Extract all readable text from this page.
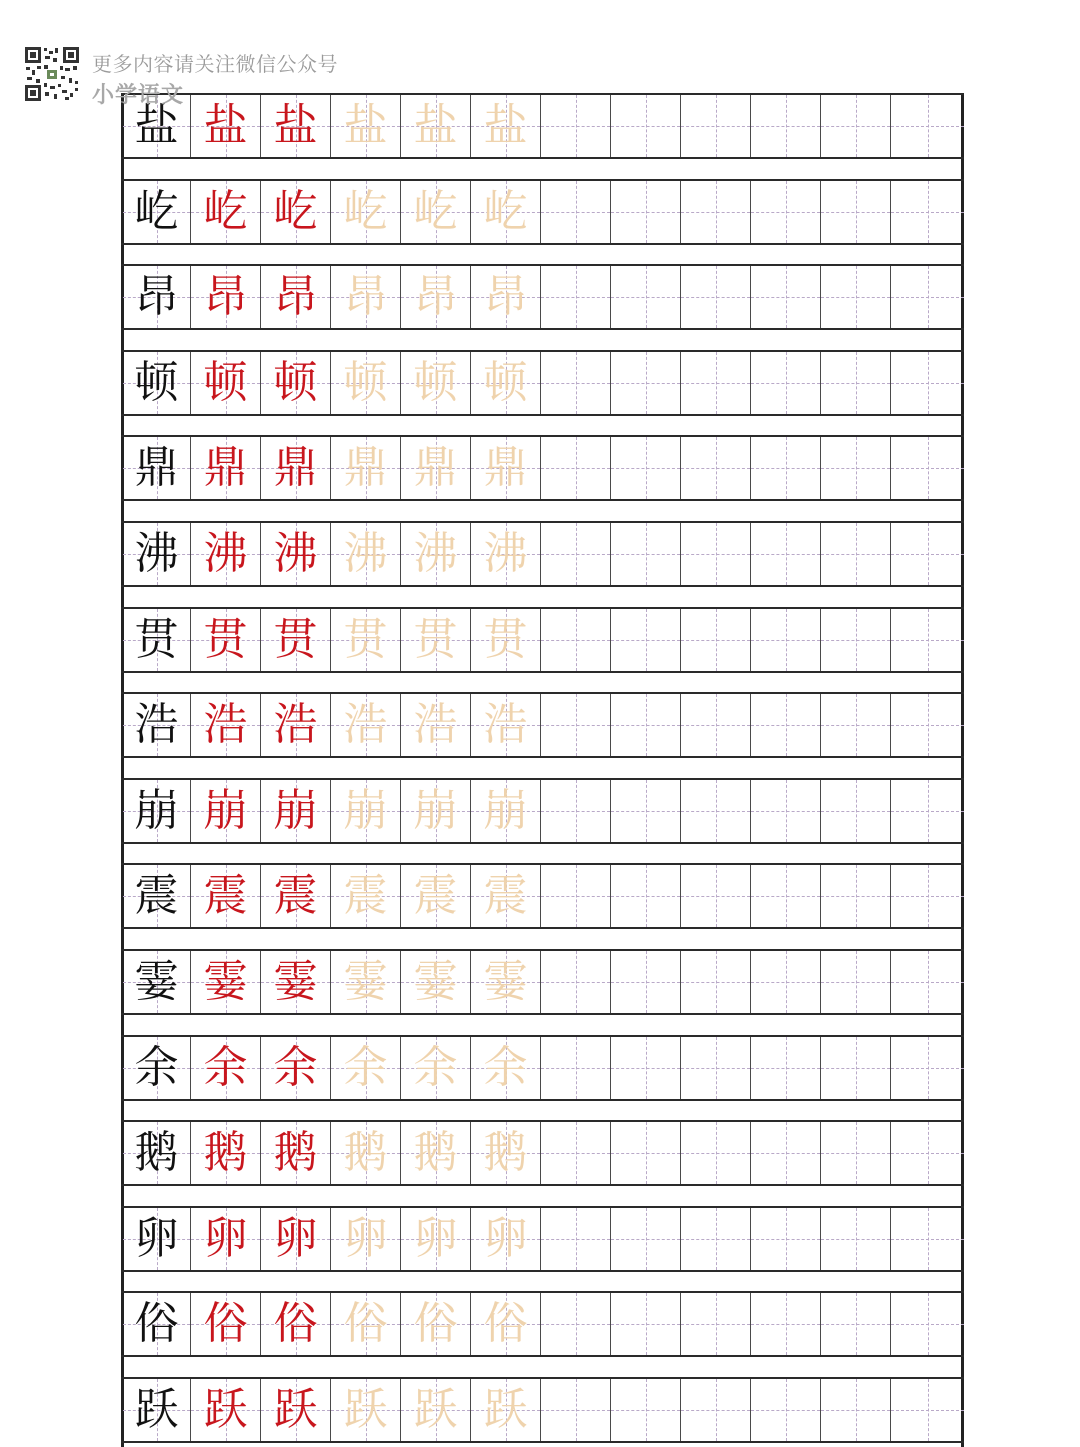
更多内容请关注微信公众号
小学语文
盐 盐 盐 盐 盐 盐
屹 屹 屹 屹 屹 屹
昂 昂 昂 昂 昂 昂
顿 顿 顿 顿 顿 顿
鼎 鼎 鼎 鼎 鼎 鼎
沸 沸 沸 沸 沸 沸
贯 贯 贯 贯 贯 贯
浩 浩 浩 浩 浩 浩
崩 崩 崩 崩 崩 崩
震 震 震 震 震 震
霎 霎 霎 霎 霎 霎
余 余 余 余 余 余
鹅 鹅 鹅 鹅 鹅 鹅
卵 卵 卵 卵 卵 卵
俗 俗 俗 俗 俗 俗
跃 跃 跃 跃 跃 跃
